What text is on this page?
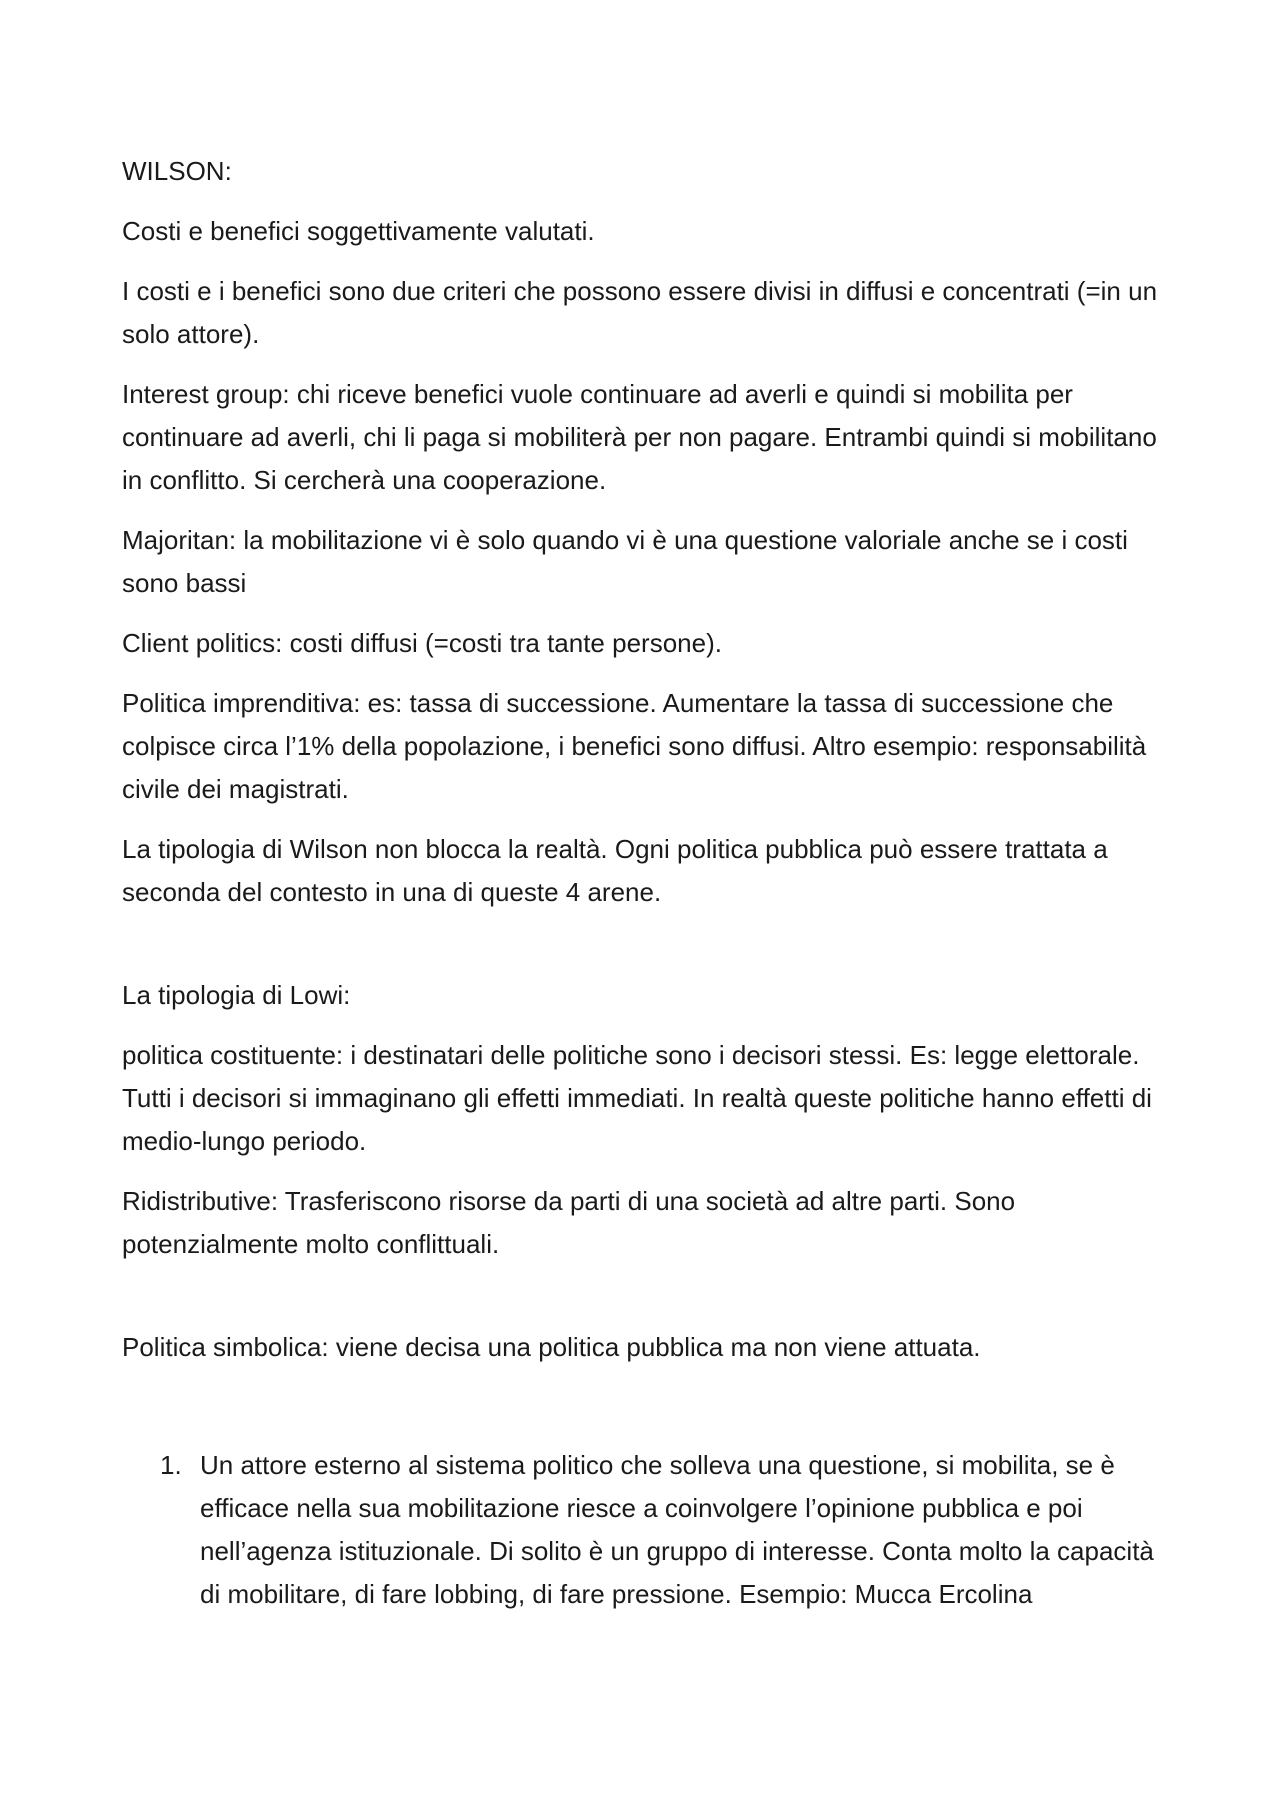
WILSON:

Costi e benefici soggettivamente valutati.

I costi e i benefici sono due criteri che possono essere divisi in diffusi e concentrati (=in un solo attore).

Interest group: chi riceve benefici vuole continuare ad averli e quindi si mobilita per continuare ad averli, chi li paga si mobiliterà per non pagare. Entrambi quindi si mobilitano in conflitto. Si cercherà una cooperazione.

Majoritan: la mobilitazione vi è solo quando vi è una questione valoriale anche se i costi sono bassi

Client politics: costi diffusi (=costi tra tante persone).

Politica imprenditiva: es: tassa di successione. Aumentare la tassa di successione che colpisce circa l’1% della popolazione, i benefici sono diffusi. Altro esempio: responsabilità civile dei magistrati.

La tipologia di Wilson non blocca la realtà. Ogni politica pubblica può essere trattata a seconda del contesto in una di queste 4 arene.

La tipologia di Lowi:

politica costituente: i destinatari delle politiche sono i decisori stessi. Es: legge elettorale. Tutti i decisori si immaginano gli effetti immediati. In realtà queste politiche hanno effetti di medio-lungo periodo.

Ridistributive: Trasferiscono risorse da parti di una società ad altre parti. Sono potenzialmente molto conflittuali.

Politica simbolica: viene decisa una politica pubblica ma non viene attuata.

1. Un attore esterno al sistema politico che solleva una questione, si mobilita, se è efficace nella sua mobilitazione riesce a coinvolgere l’opinione pubblica e poi nell’agenza istituzionale. Di solito è un gruppo di interesse. Conta molto la capacità di mobilitare, di fare lobbing, di fare pressione. Esempio: Mucca Ercolina
